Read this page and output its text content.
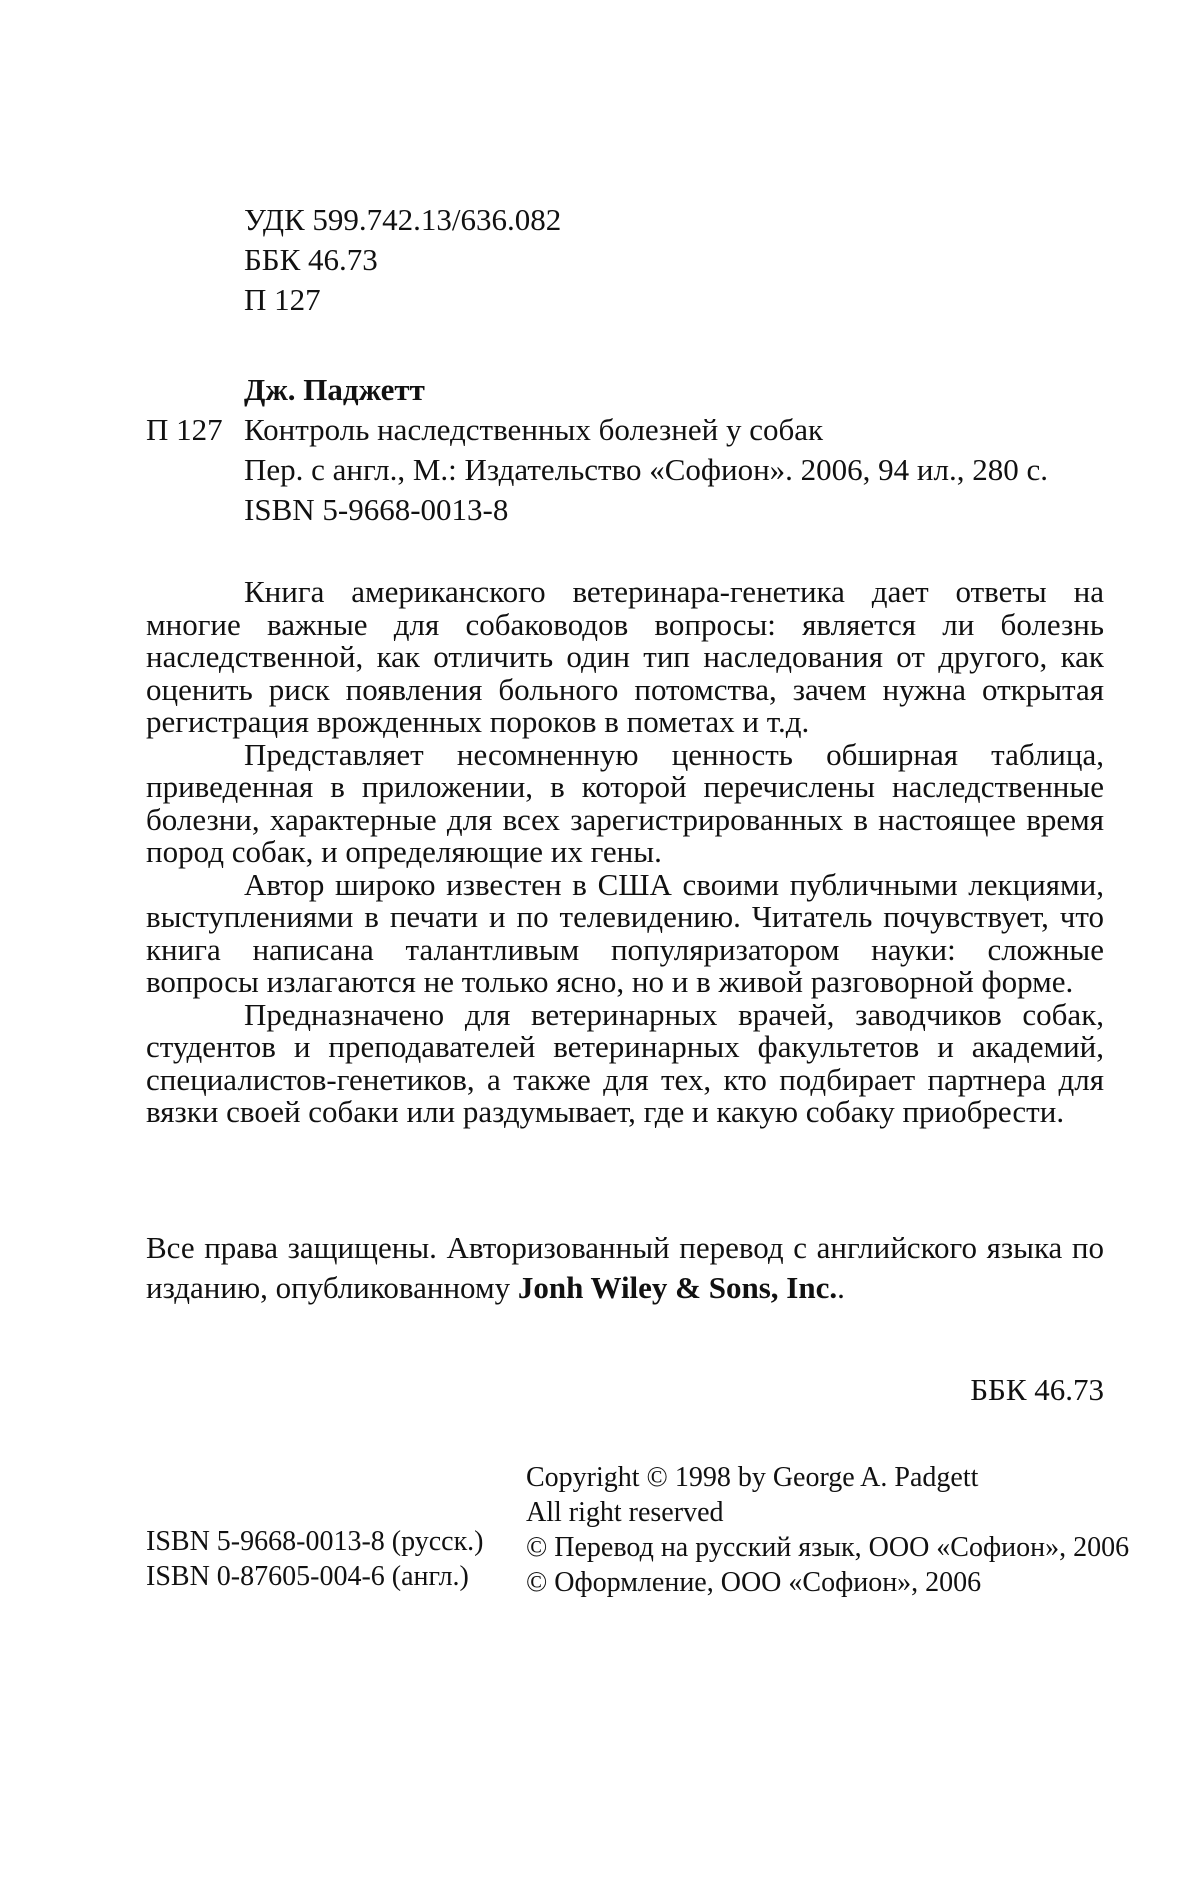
УДК 599.742.13/636.082
ББК 46.73
П 127
Дж. Паджетт
П 127 Контроль наследственных болезней у собак
Пер. с англ., М.: Издательство «Софион». 2006, 94 ил., 280 с.
ISBN 5-9668-0013-8

Книга американского ветеринара-генетика дает ответы на многие важные для собаководов вопросы: является ли болезнь наследственной, как отличить один тип наследования от другого, как оценить риск появления больного потомства, зачем нужна открытая регистрация врожденных пороков в пометах и т.д.

Представляет несомненную ценность обширная таблица, приведенная в приложении, в которой перечислены наследственные болезни, характерные для всех зарегистрированных в настоящее время пород собак, и определяющие их гены.

Автор широко известен в США своими публичными лекциями, выступлениями в печати и по телевидению. Читатель почувствует, что книга написана талантливым популяризатором науки: сложные вопросы излагаются не только ясно, но и в живой разговорной форме.

Предназначено для ветеринарных врачей, заводчиков собак, студентов и преподавателей ветеринарных факультетов и академий, специалистов-генетиков, а также для тех, кто подбирает партнера для вязки своей собаки или раздумывает, где и какую собаку приобрести.

Все права защищены. Авторизованный перевод с английского языка по изданию, опубликованному Jonh Wiley & Sons, Inc..
ББК 46.73
Copyright © 1998 by George A. Padgett
All right reserved
© Перевод на русский язык, ООО «Софион», 2006
© Оформление, ООО «Софион», 2006
ISBN 5-9668-0013-8 (русск.)
ISBN 0-87605-004-6 (англ.)
